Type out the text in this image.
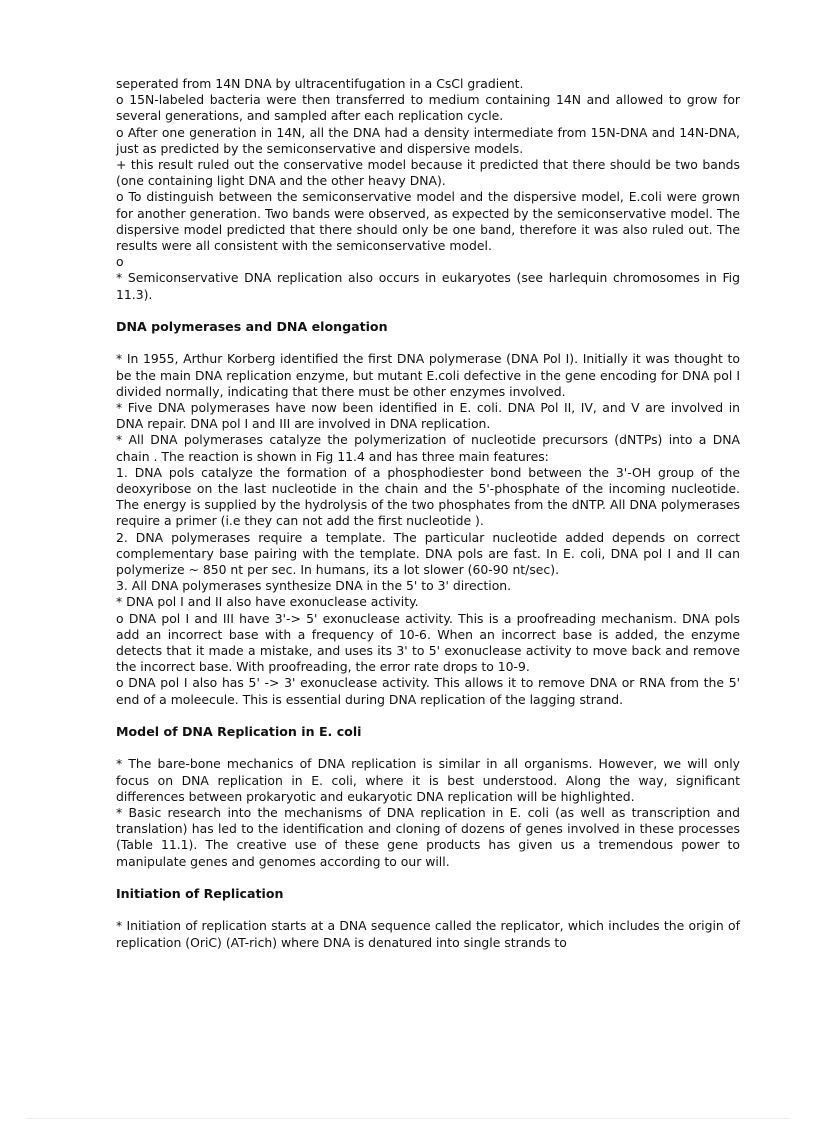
seperated from 14N DNA by ultracentifugation in a CsCl gradient.

o 15N-labeled bacteria were then transferred to medium containing 14N and allowed to grow for several generations, and sampled after each replication cycle.

o After one generation in 14N, all the DNA had a density intermediate from 15N-DNA and 14N-DNA, just as predicted by the semiconservative and dispersive models.

+ this result ruled out the conservative model because it predicted that there should be two bands (one containing light DNA and the other heavy DNA).

o To distinguish between the semiconservative model and the dispersive model, E.coli were grown for another generation. Two bands were observed, as expected by the semiconservative model. The dispersive model predicted that there should only be one band, therefore it was also ruled out. The results were all consistent with the semiconservative model.

o

* Semiconservative DNA replication also occurs in eukaryotes (see harlequin chromosomes in Fig 11.3).

DNA polymerases and DNA elongation

* In 1955, Arthur Korberg identified the first DNA polymerase (DNA Pol I). Initially it was thought to be the main DNA replication enzyme, but mutant E.coli defective in the gene encoding for DNA pol I divided normally, indicating that there must be other enzymes involved.

* Five DNA polymerases have now been identified in E. coli. DNA Pol II, IV, and V are involved in DNA repair. DNA pol I and III are involved in DNA replication.

* All DNA polymerases catalyze the polymerization of nucleotide precursors (dNTPs) into a DNA chain . The reaction is shown in Fig 11.4 and has three main features:

1. DNA pols catalyze the formation of a phosphodiester bond between the 3'-OH group of the deoxyribose on the last nucleotide in the chain and the 5'-phosphate of the incoming nucleotide. The energy is supplied by the hydrolysis of the two phosphates from the dNTP. All DNA polymerases require a primer (i.e they can not add the first nucleotide ).

2. DNA polymerases require a template. The particular nucleotide added depends on correct complementary base pairing with the template. DNA pols are fast. In E. coli, DNA pol I and II can polymerize ~ 850 nt per sec. In humans, its a lot slower (60-90 nt/sec).

3. All DNA polymerases synthesize DNA in the 5' to 3' direction.

* DNA pol I and II also have exonuclease activity.

o DNA pol I and III have 3'-> 5' exonuclease activity. This is a proofreading mechanism. DNA pols add an incorrect base with a frequency of 10-6. When an incorrect base is added, the enzyme detects that it made a mistake, and uses its 3' to 5' exonuclease activity to move back and remove the incorrect base. With proofreading, the error rate drops to 10-9.

o DNA pol I also has 5' -> 3' exonuclease activity. This allows it to remove DNA or RNA from the 5' end of a moleecule. This is essential during DNA replication of the lagging strand.

Model of DNA Replication in E. coli

* The bare-bone mechanics of DNA replication is similar in all organisms. However, we will only focus on DNA replication in E. coli, where it is best understood. Along the way, significant differences between prokaryotic and eukaryotic DNA replication will be highlighted.

* Basic research into the mechanisms of DNA replication in E. coli (as well as transcription and translation) has led to the identification and cloning of dozens of genes involved in these processes (Table 11.1). The creative use of these gene products has given us a tremendous power to manipulate genes and genomes according to our will.

Initiation of Replication

* Initiation of replication starts at a DNA sequence called the replicator, which includes the origin of replication (OriC) (AT-rich) where DNA is denatured into single strands to
